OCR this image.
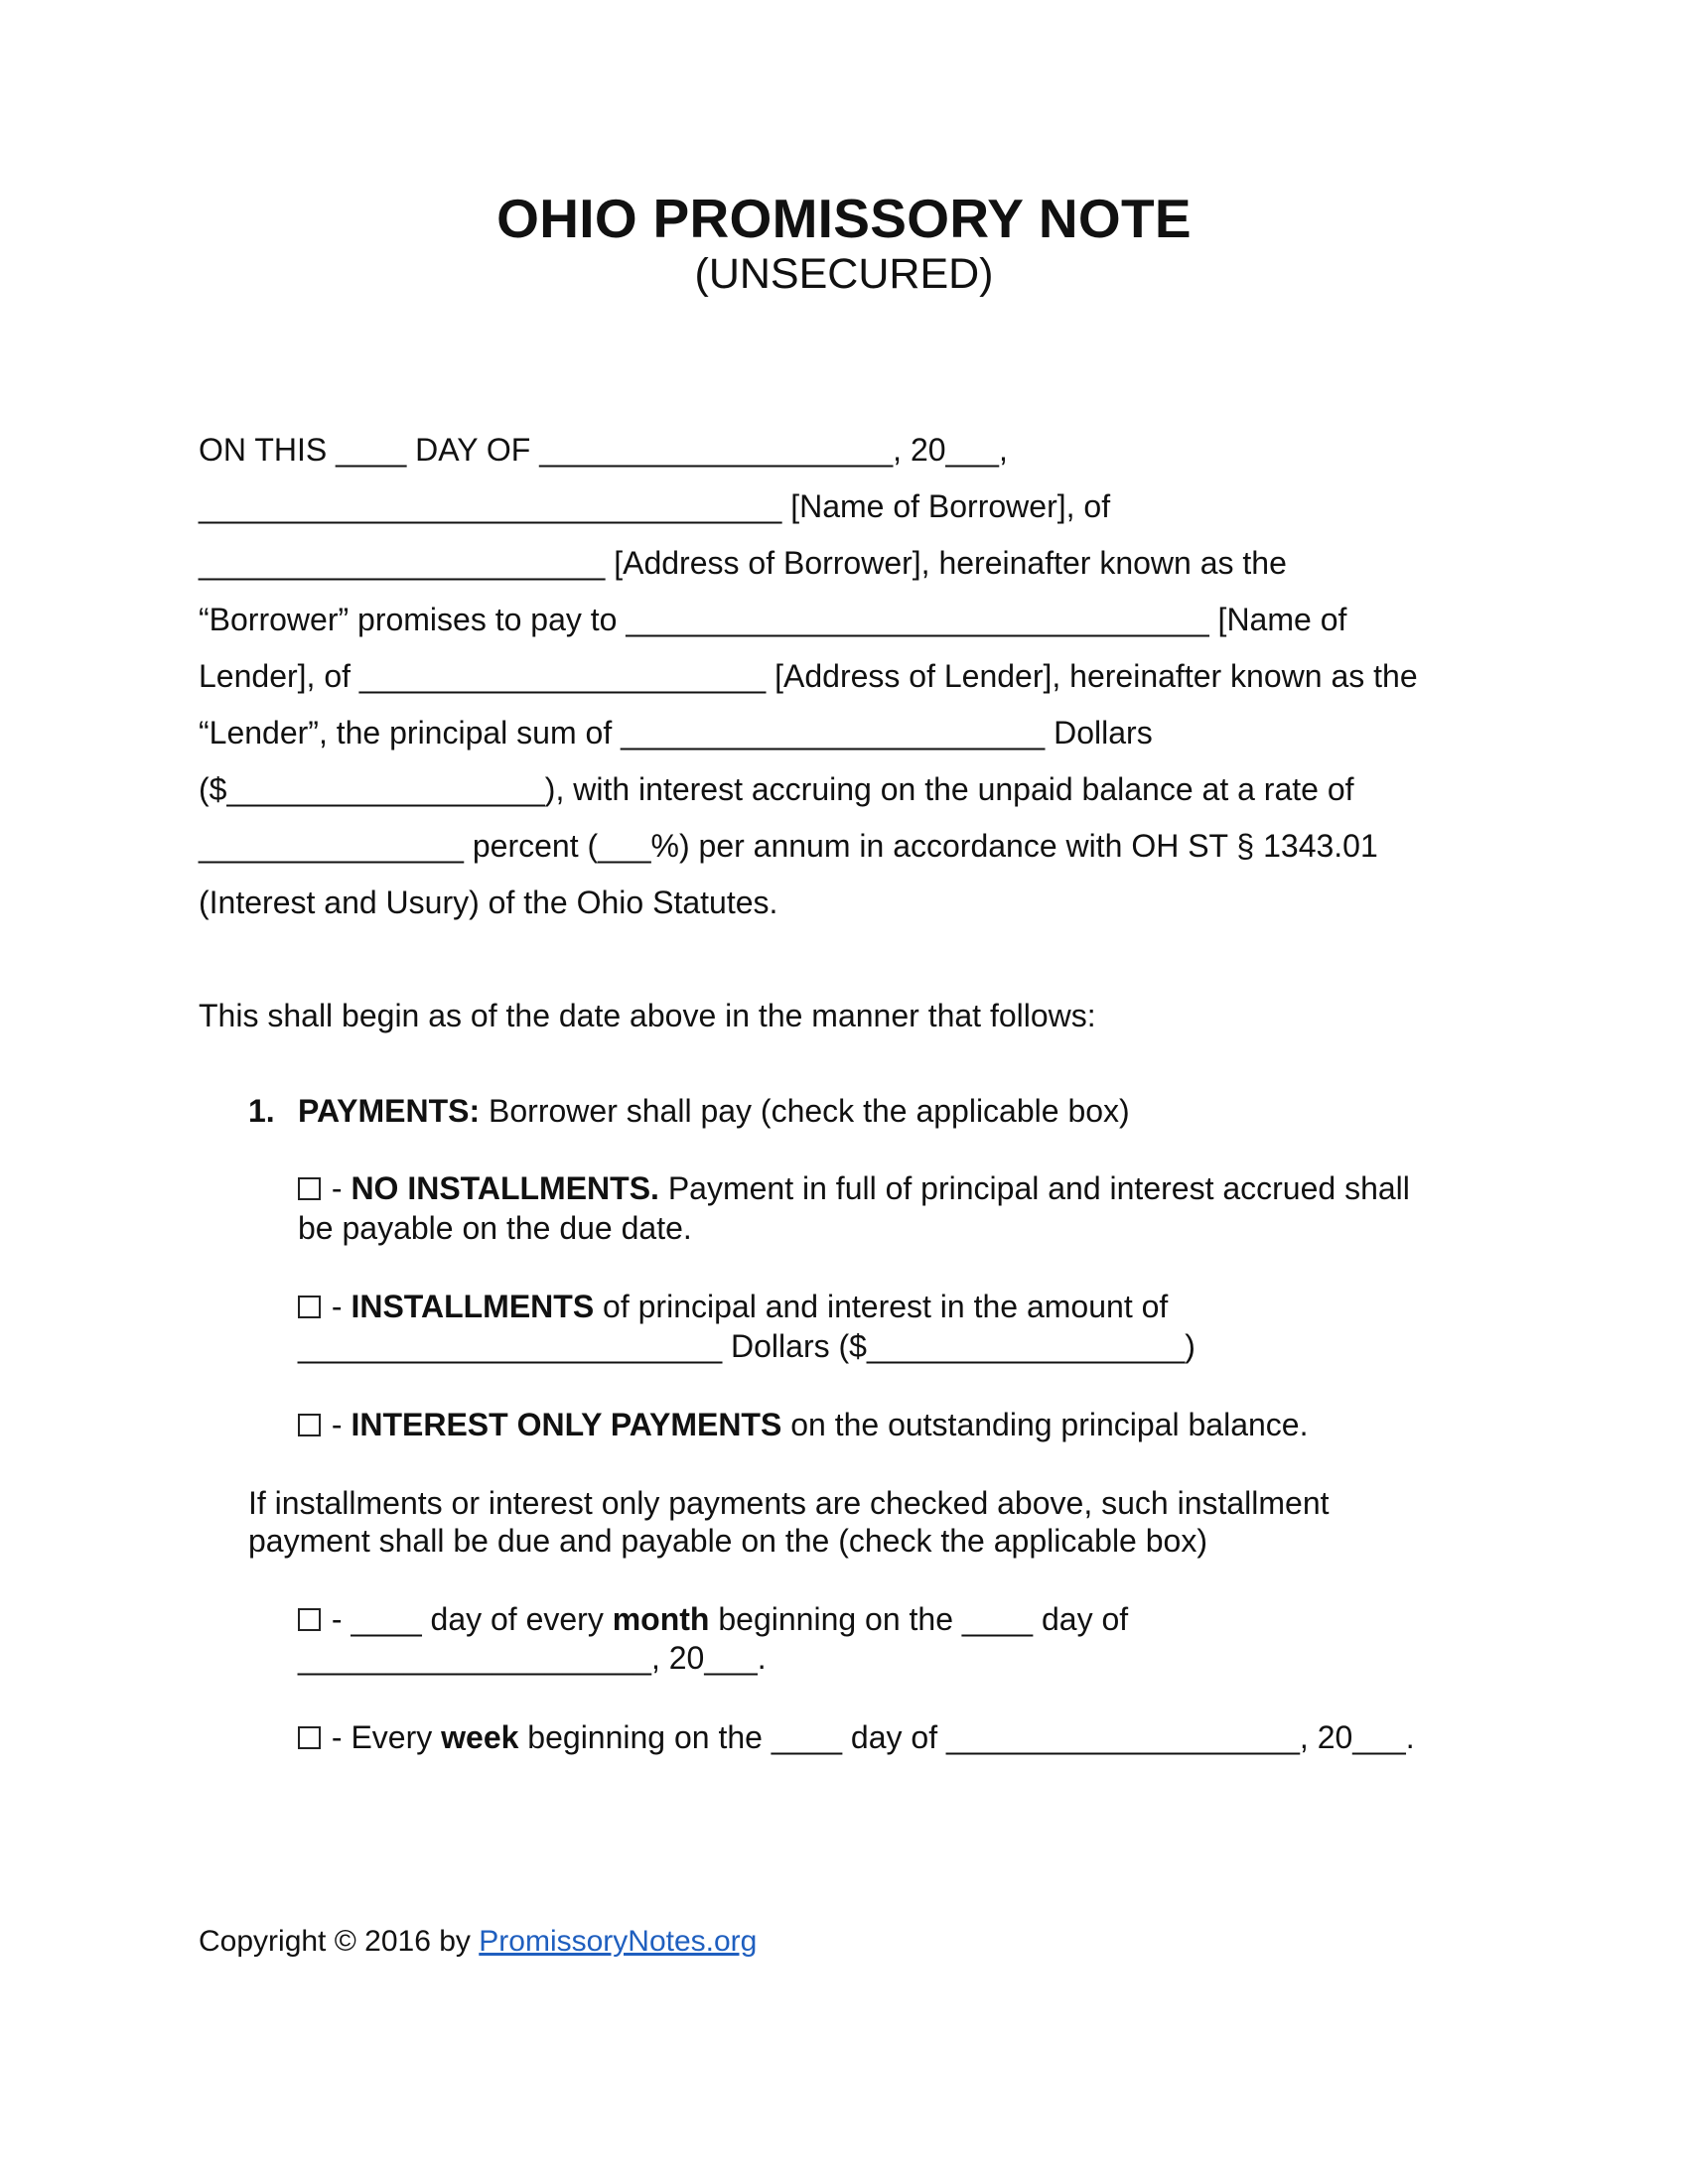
OHIO PROMISSORY NOTE
(UNSECURED)
ON THIS ____ DAY OF ____________________, 20___,
_________________________________ [Name of Borrower], of
_______________________ [Address of Borrower], hereinafter known as the
“Borrower” promises to pay to _________________________________ [Name of
Lender], of _______________________ [Address of Lender], hereinafter known as the
“Lender”, the principal sum of ________________________ Dollars
($__________________), with interest accruing on the unpaid balance at a rate of
_______________ percent (___%) per annum in accordance with OH ST § 1343.01
(Interest and Usury) of the Ohio Statutes.
This shall begin as of the date above in the manner that follows:
1. PAYMENTS: Borrower shall pay (check the applicable box)
- NO INSTALLMENTS. Payment in full of principal and interest accrued shall
be payable on the due date.
- INSTALLMENTS of principal and interest in the amount of
________________________ Dollars ($__________________)
- INTEREST ONLY PAYMENTS on the outstanding principal balance.
If installments or interest only payments are checked above, such installment
payment shall be due and payable on the (check the applicable box)
- ____ day of every month beginning on the ____ day of
____________________, 20___.
- Every week beginning on the ____ day of ____________________, 20___.
Copyright © 2016 by PromissoryNotes.org
